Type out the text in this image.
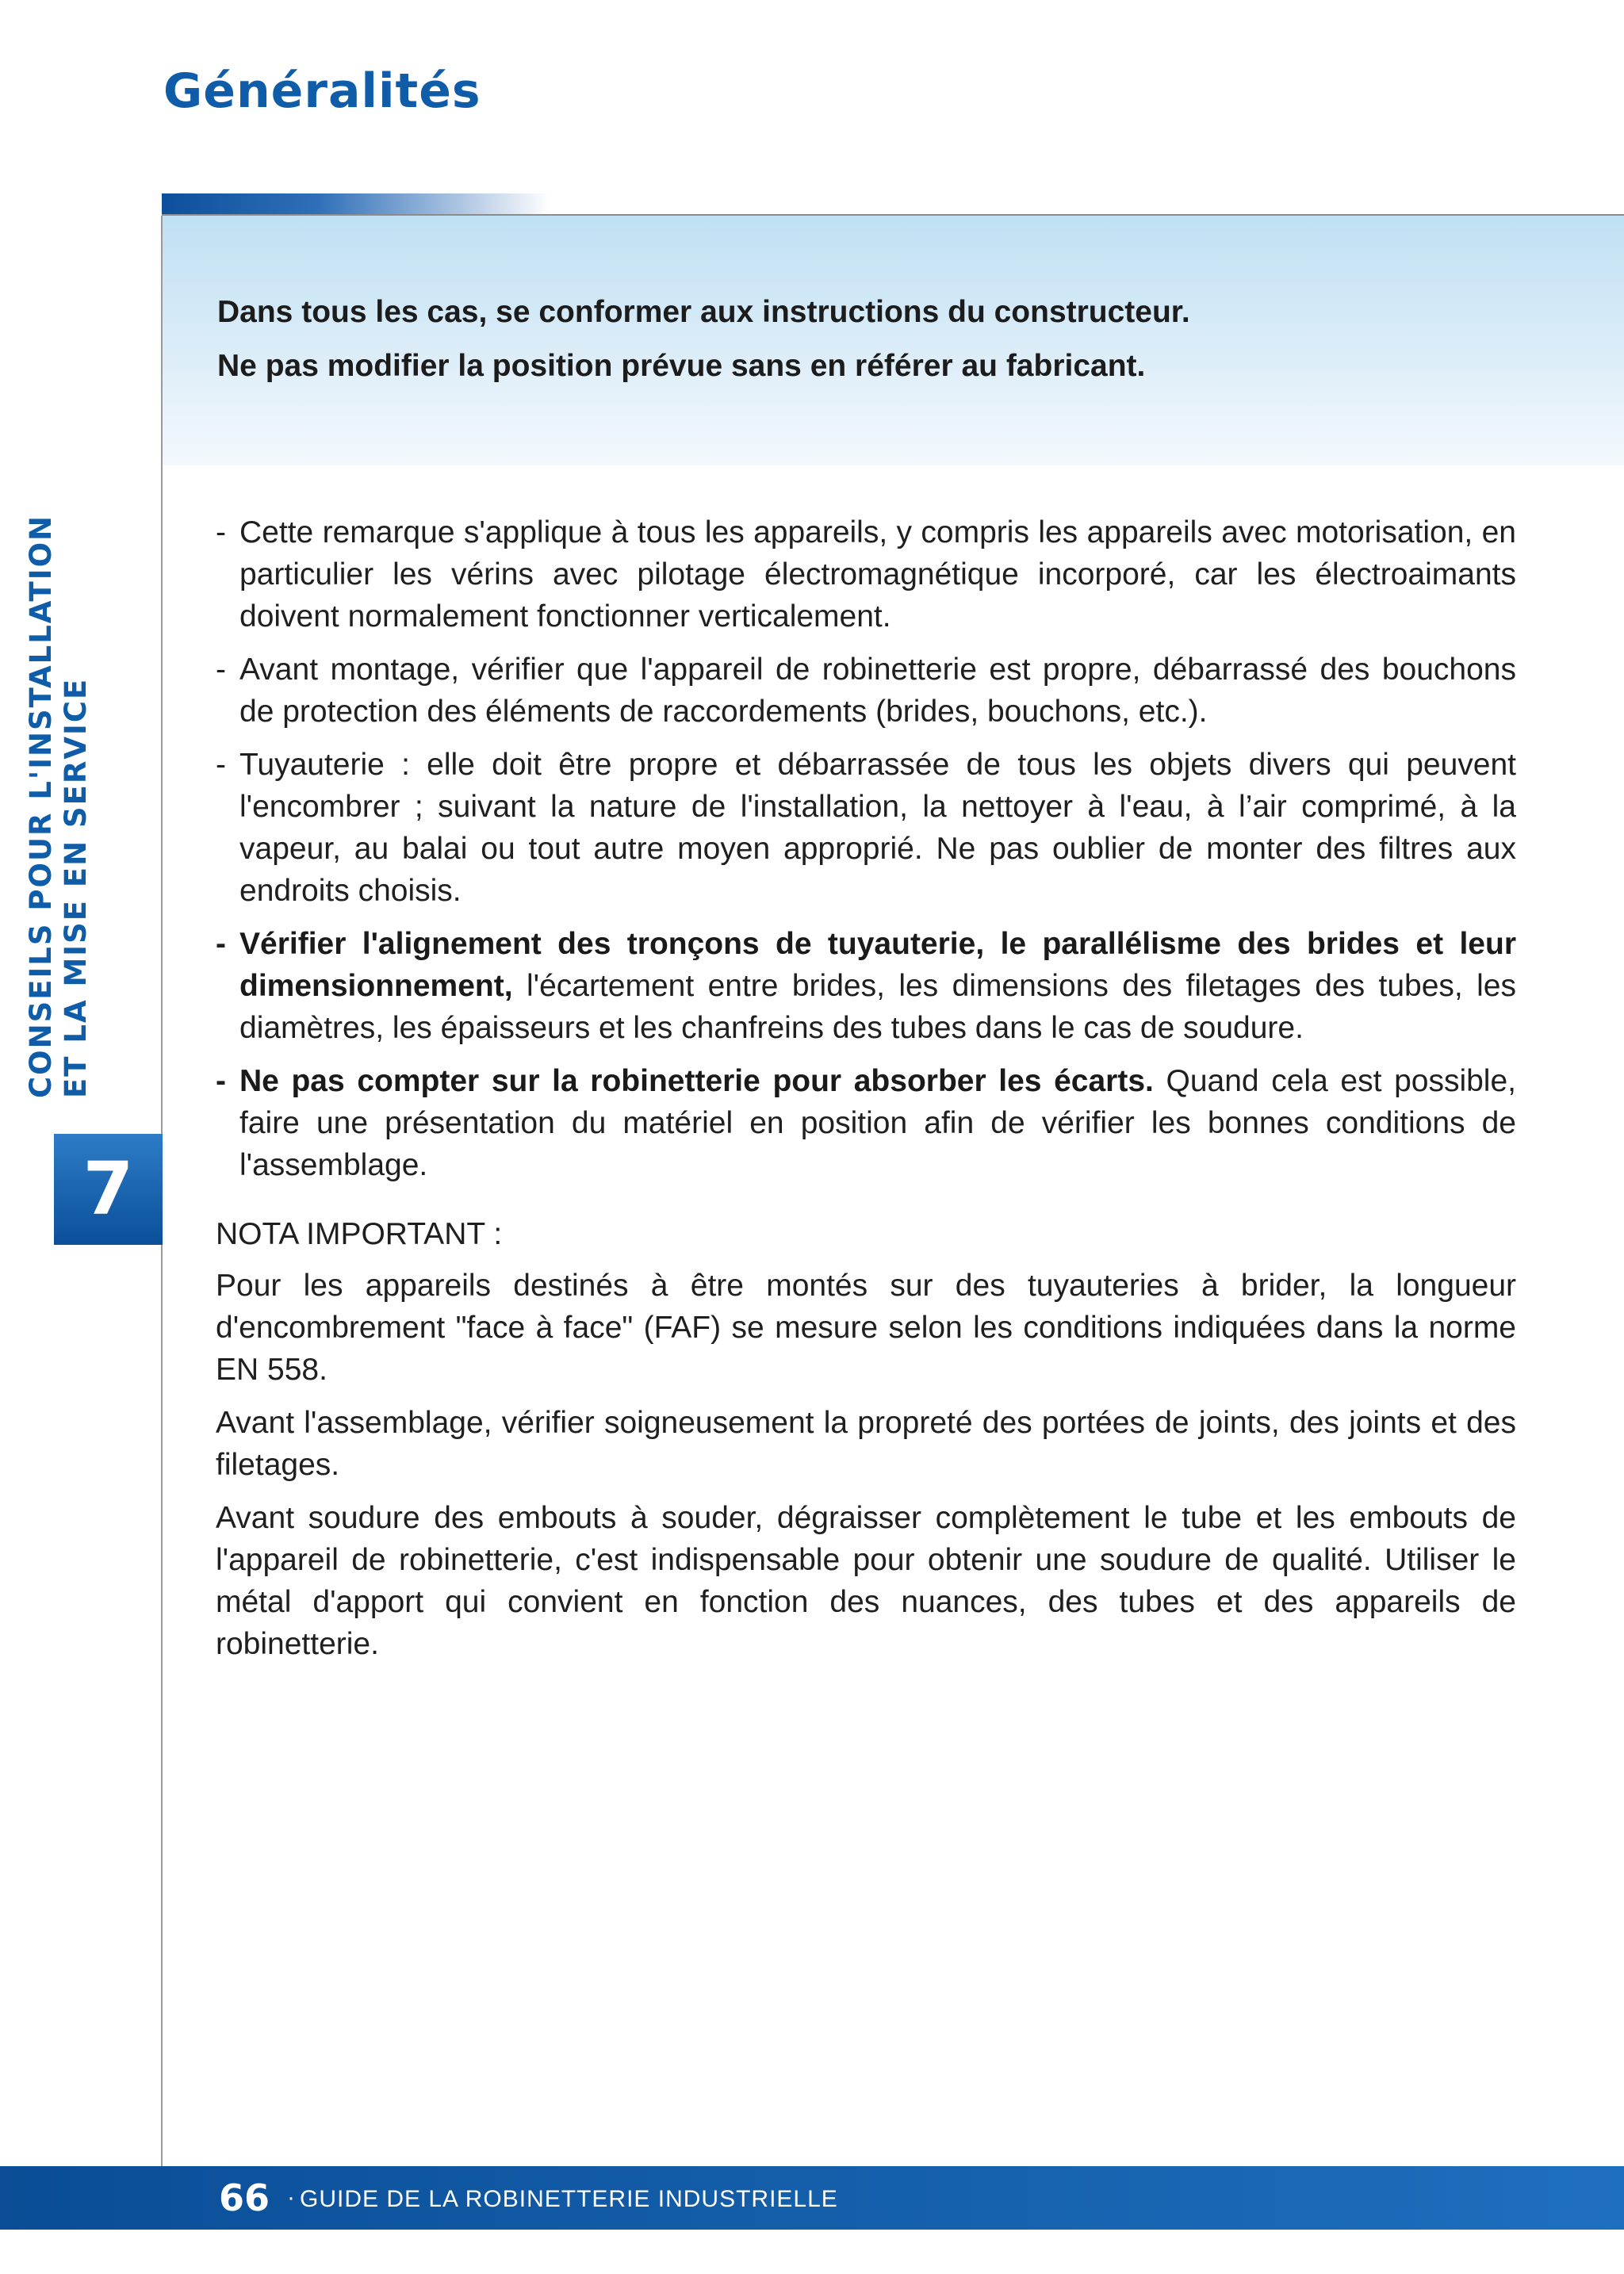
Généralités
CONSEILS POUR L'INSTALLATION ET LA MISE EN SERVICE
7

Dans tous les cas, se conformer aux instructions du constructeur.

Ne pas modifier la position prévue sans en référer au fabricant.

- Cette remarque s'applique à tous les appareils, y compris les appareils avec motorisation, en particulier les vérins avec pilotage électromagnétique incorporé, car les électroaimants doivent normalement fonctionner verticalement.
- Avant montage, vérifier que l'appareil de robinetterie est propre, débarrassé des bouchons de protection des éléments de raccordements (brides, bouchons, etc.).
- Tuyauterie : elle doit être propre et débarrassée de tous les objets divers qui peuvent l'encombrer ; suivant la nature de l'installation, la nettoyer à l'eau, à l’air comprimé, à la vapeur, au balai ou tout autre moyen approprié. Ne pas oublier de monter des filtres aux endroits choisis.
- Vérifier l'alignement des tronçons de tuyauterie, le parallélisme des brides et leur dimensionnement, l'écartement entre brides, les dimensions des filetages des tubes, les diamètres, les épaisseurs et les chanfreins des tubes dans le cas de soudure.
- Ne pas compter sur la robinetterie pour absorber les écarts. Quand cela est possible, faire une présentation du matériel en position afin de vérifier les bonnes conditions de l'assemblage.
NOTA IMPORTANT :

Pour les appareils destinés à être montés sur des tuyauteries à brider, la longueur d'encombrement "face à face" (FAF) se mesure selon les conditions indiquées dans la norme EN 558.

Avant l'assemblage, vérifier soigneusement la propreté des portées de joints, des joints et des filetages.

Avant soudure des embouts à souder, dégraisser complètement le tube et les embouts de l'appareil de robinetterie, c'est indispensable pour obtenir une soudure de qualité. Utiliser le métal d'apport qui convient en fonction des nuances, des tubes et des appareils de robinetterie.

66 · GUIDE DE LA ROBINETTERIE INDUSTRIELLE
